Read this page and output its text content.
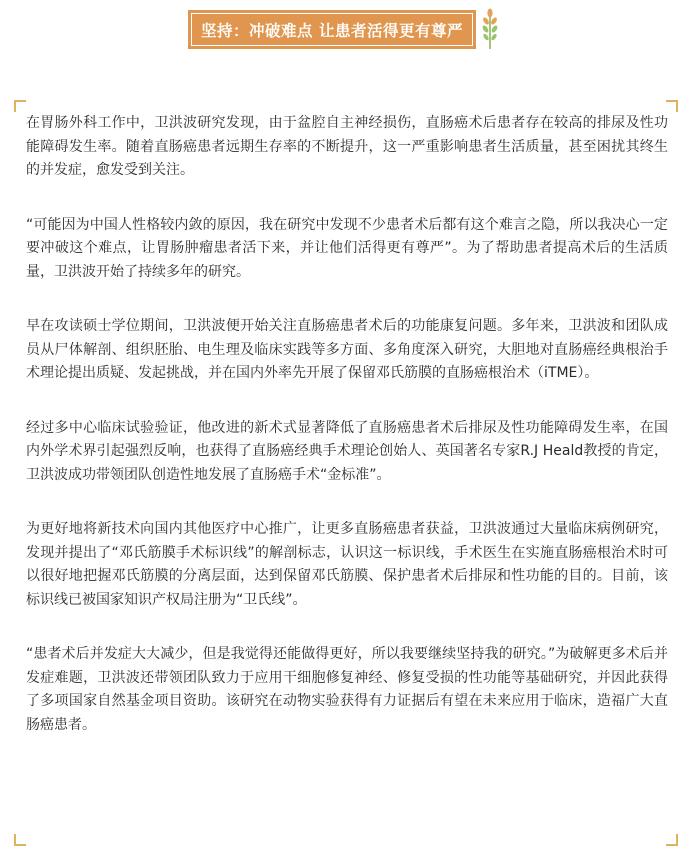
坚持：冲破难点 让患者活得更有尊严

在胃肠外科工作中，卫洪波研究发现，由于盆腔自主神经损伤，直肠癌术后患者存在较高的排尿及性功能障碍发生率。随着直肠癌患者远期生存率的不断提升，这一严重影响患者生活质量，甚至困扰其终生的并发症，愈发受到关注。

“可能因为中国人性格较内敛的原因，我在研究中发现不少患者术后都有这个难言之隐，所以我决心一定要冲破这个难点，让胃肠肿瘤患者活下来，并让他们活得更有尊严”。为了帮助患者提高术后的生活质量，卫洪波开始了持续多年的研究。

早在攻读硕士学位期间，卫洪波便开始关注直肠癌患者术后的功能康复问题。多年来，卫洪波和团队成员从尸体解剖、组织胚胎、电生理及临床实践等多方面、多角度深入研究，大胆地对直肠癌经典根治手术理论提出质疑、发起挑战，并在国内外率先开展了保留邓氏筋膜的直肠癌根治术（iTME）。

经过多中心临床试验验证，他改进的新术式显著降低了直肠癌患者术后排尿及性功能障碍发生率，在国内外学术界引起强烈反响，也获得了直肠癌经典手术理论创始人、英国著名专家R.J Heald教授的肯定，卫洪波成功带领团队创造性地发展了直肠癌手术“金标准”。

为更好地将新技术向国内其他医疗中心推广，让更多直肠癌患者获益，卫洪波通过大量临床病例研究，发现并提出了“邓氏筋膜手术标识线”的解剖标志，认识这一标识线，手术医生在实施直肠癌根治术时可以很好地把握邓氏筋膜的分离层面，达到保留邓氏筋膜、保护患者术后排尿和性功能的目的。目前，该标识线已被国家知识产权局注册为“卫氏线”。

“患者术后并发症大大减少，但是我觉得还能做得更好，所以我要继续坚持我的研究。”为破解更多术后并发症难题，卫洪波还带领团队致力于应用干细胞修复神经、修复受损的性功能等基础研究，并因此获得了多项国家自然基金项目资助。该研究在动物实验获得有力证据后有望在未来应用于临床，造福广大直肠癌患者。
